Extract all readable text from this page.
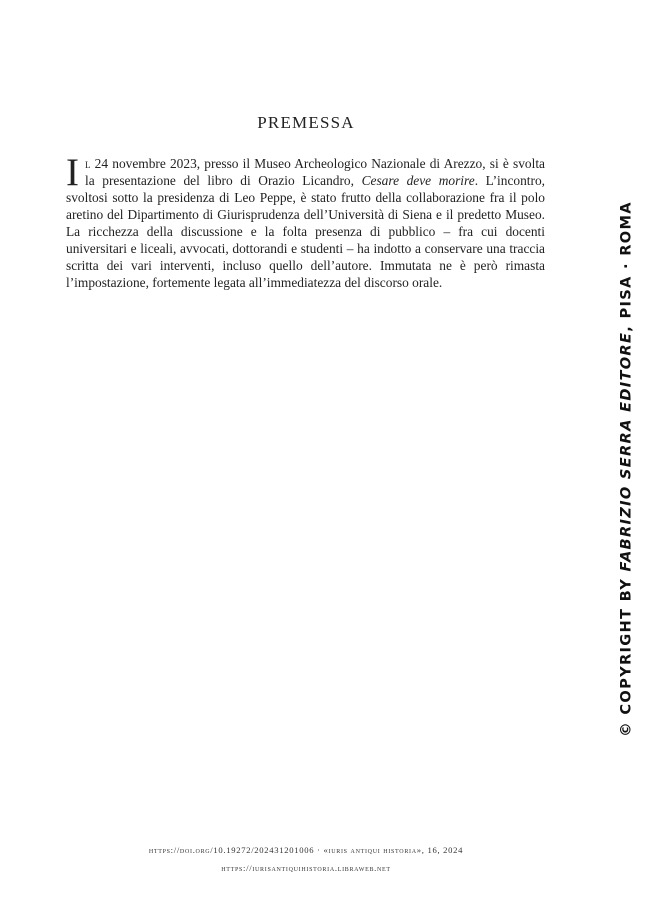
PREMESSA
Il 24 novembre 2023, presso il Museo Archeologico Nazionale di Arezzo, si è svolta la presentazione del libro di Orazio Licandro, Cesare deve morire. L’incontro, svoltosi sotto la presidenza di Leo Peppe, è stato frutto della collaborazione fra il polo aretino del Dipartimento di Giurisprudenza dell’Università di Siena e il predetto Museo. La ricchezza della discussione e la folta presenza di pubblico – fra cui docenti universitari e liceali, avvocati, dottorandi e studenti – ha indotto a conservare una traccia scritta dei vari interventi, incluso quello dell’autore. Immutata ne è però rimasta l’impostazione, fortemente legata all’immediatezza del discorso orale.
https://doi.org/10.19272/202431201006 · «iuris antiqui historia», 16, 2024
https://iurisantiquihistoria.libraweb.net
© COPYRIGHT BY FABRIZIO SERRA EDITORE, PISA · ROMA
